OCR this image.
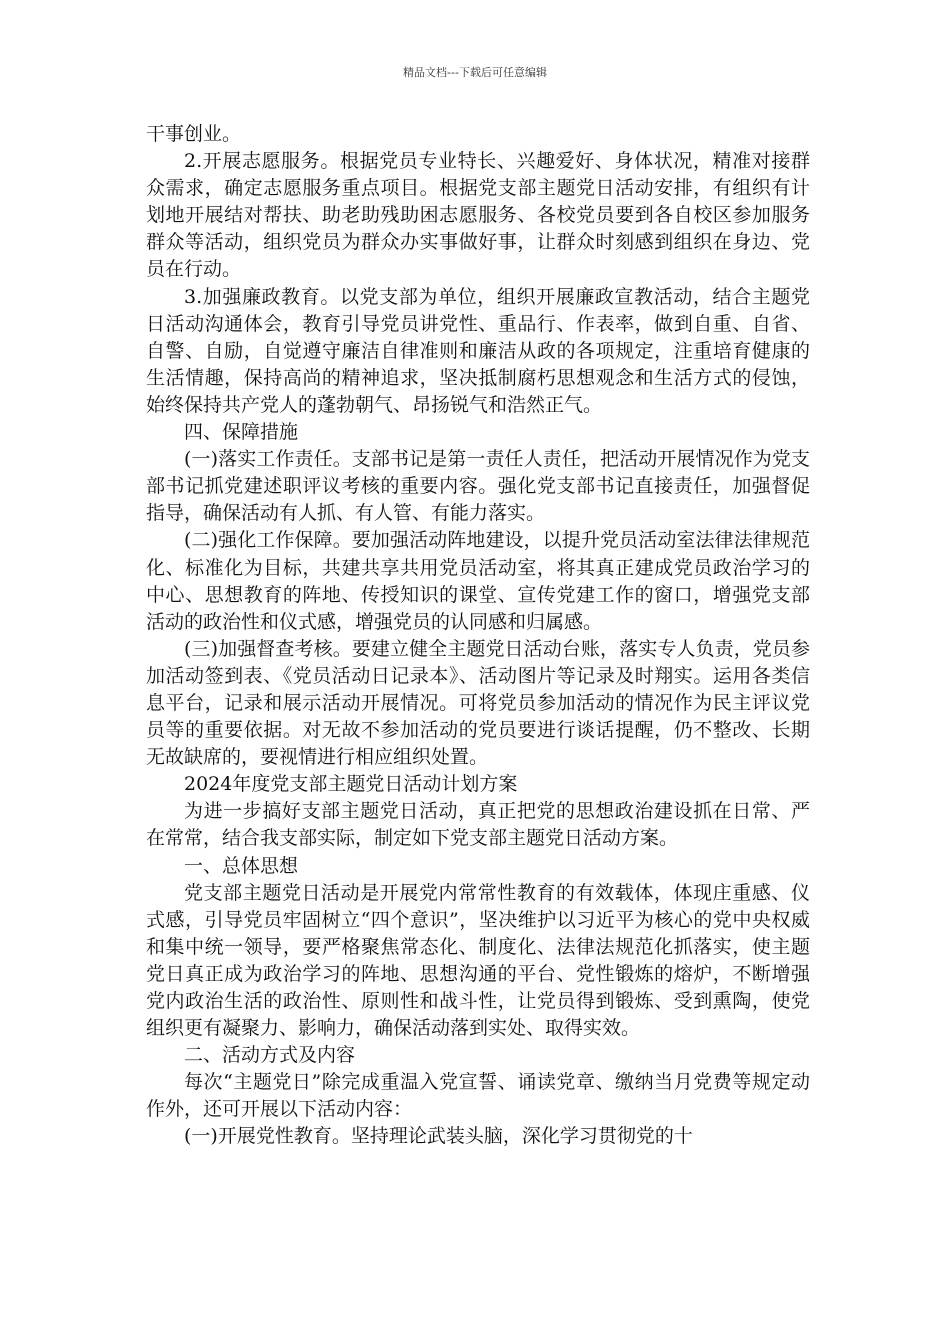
精品文档---下载后可任意编辑

干事创业。

2.开展志愿服务。根据党员专业特长、兴趣爱好、身体状况，精准对接群众需求，确定志愿服务重点项目。根据党支部主题党日活动安排，有组织有计划地开展结对帮扶、助老助残助困志愿服务、各校党员要到各自校区参加服务群众等活动，组织党员为群众办实事做好事，让群众时刻感到组织在身边、党员在行动。

3.加强廉政教育。以党支部为单位，组织开展廉政宣教活动，结合主题党日活动沟通体会，教育引导党员讲党性、重品行、作表率，做到自重、自省、自警、自励，自觉遵守廉洁自律准则和廉洁从政的各项规定，注重培育健康的生活情趣，保持高尚的精神追求，坚决抵制腐朽思想观念和生活方式的侵蚀，始终保持共产党人的蓬勃朝气、昂扬锐气和浩然正气。

四、保障措施

(一)落实工作责任。支部书记是第一责任人责任，把活动开展情况作为党支部书记抓党建述职评议考核的重要内容。强化党支部书记直接责任，加强督促指导，确保活动有人抓、有人管、有能力落实。

(二)强化工作保障。要加强活动阵地建设，以提升党员活动室法律法律规范化、标准化为目标，共建共享共用党员活动室，将其真正建成党员政治学习的中心、思想教育的阵地、传授知识的课堂、宣传党建工作的窗口，增强党支部活动的政治性和仪式感，增强党员的认同感和归属感。

(三)加强督查考核。要建立健全主题党日活动台账，落实专人负责，党员参加活动签到表、《党员活动日记录本》、活动图片等记录及时翔实。运用各类信息平台，记录和展示活动开展情况。可将党员参加活动的情况作为民主评议党员等的重要依据。对无故不参加活动的党员要进行谈话提醒，仍不整改、长期无故缺席的，要视情进行相应组织处置。

2024年度党支部主题党日活动计划方案

为进一步搞好支部主题党日活动，真正把党的思想政治建设抓在日常、严在常常，结合我支部实际，制定如下党支部主题党日活动方案。

一、总体思想

党支部主题党日活动是开展党内常常性教育的有效载体，体现庄重感、仪式感，引导党员牢固树立“四个意识”，坚决维护以习近平为核心的党中央权威和集中统一领导，要严格聚焦常态化、制度化、法律法规范化抓落实，使主题党日真正成为政治学习的阵地、思想沟通的平台、党性锻炼的熔炉，不断增强党内政治生活的政治性、原则性和战斗性，让党员得到锻炼、受到熏陶，使党组织更有凝聚力、影响力，确保活动落到实处、取得实效。

二、活动方式及内容

每次“主题党日”除完成重温入党宣誓、诵读党章、缴纳当月党费等规定动作外，还可开展以下活动内容：

(一)开展党性教育。坚持理论武装头脑，深化学习贯彻党的十
